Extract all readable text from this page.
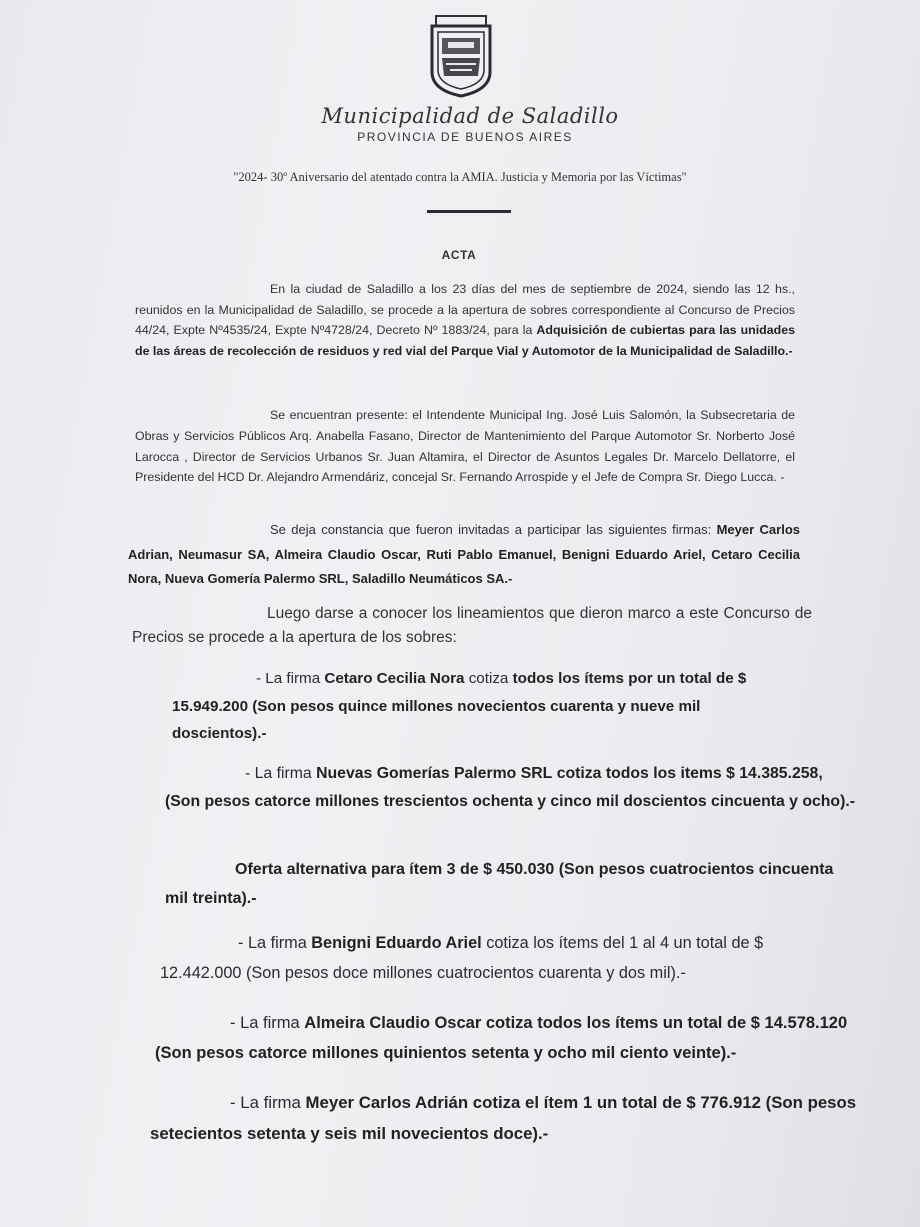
Municipalidad de Saladillo
PROVINCIA DE BUENOS AIRES
"2024- 30º Aniversario del atentado contra la AMIA. Justicia y Memoria por las Víctimas"
ACTA
En la ciudad de Saladillo a los 23 días del mes de septiembre de 2024, siendo las 12 hs., reunidos en la Municipalidad de Saladillo, se procede a la apertura de sobres correspondiente al Concurso de Precios 44/24, Expte Nº4535/24, Expte Nº4728/24, Decreto Nº 1883/24, para la Adquisición de cubiertas para las unidades de las áreas de recolección de residuos y red vial del Parque Vial y Automotor de la Municipalidad de Saladillo.-
Se encuentran presente: el Intendente Municipal Ing. José Luis Salomón, la Subsecretaria de Obras y Servicios Públicos Arq. Anabella Fasano, Director de Mantenimiento del Parque Automotor Sr. Norberto José Larocca , Director de Servicios Urbanos Sr. Juan Altamira, el Director de Asuntos Legales Dr. Marcelo Dellatorre, el Presidente del HCD Dr. Alejandro Armendáriz, concejal Sr. Fernando Arrospide y el Jefe de Compra Sr. Diego Lucca. -
Se deja constancia que fueron invitadas a participar las siguientes firmas: Meyer Carlos Adrian, Neumasur SA, Almeira Claudio Oscar, Ruti Pablo Emanuel, Benigni Eduardo Ariel, Cetaro Cecilia Nora, Nueva Gomería Palermo SRL, Saladillo Neumáticos SA.-
Luego darse a conocer los lineamientos que dieron marco a este Concurso de Precios se procede a la apertura de los sobres:
- La firma Cetaro Cecilia Nora cotiza todos los ítems por un total de $ 15.949.200 (Son pesos quince millones novecientos cuarenta y nueve mil doscientos).-
- La firma Nuevas Gomerías Palermo SRL cotiza todos los items $ 14.385.258, (Son pesos catorce millones trescientos ochenta y cinco mil doscientos cincuenta y ocho).-
Oferta alternativa para ítem 3 de $ 450.030 (Son pesos cuatrocientos cincuenta mil treinta).-
- La firma Benigni Eduardo Ariel cotiza los ítems del 1 al 4 un total de $ 12.442.000 (Son pesos doce millones cuatrocientos cuarenta y dos mil).-
- La firma Almeira Claudio Oscar cotiza todos los ítems un total de $ 14.578.120 (Son pesos catorce millones quinientos setenta y ocho mil ciento veinte).-
- La firma Meyer Carlos Adrián cotiza el ítem 1 un total de $ 776.912 (Son pesos setecientos setenta y seis mil novecientos doce).-
